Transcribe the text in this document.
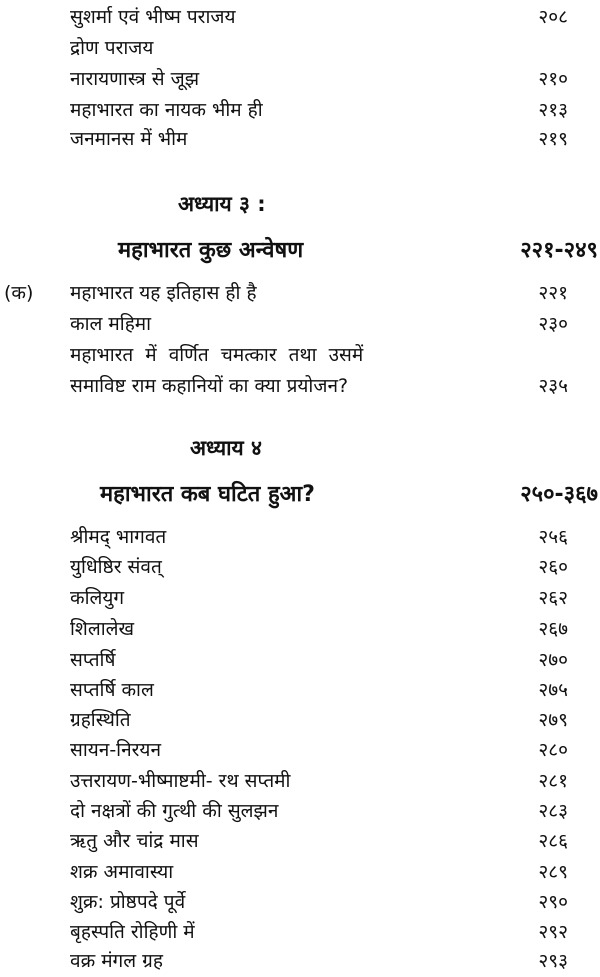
सुशर्मा एवं भीष्म पराजय	२०८
द्रोण पराजय
नारायणास्त्र से जूझ	२१०
महाभारत का नायक भीम ही	२१३
जनमानस में भीम	२१९
अध्याय ३ :
महाभारत कुछ अन्वेषण	२२१-२४९
(क) महाभारत यह इतिहास ही है	२२१
काल महिमा	२३०
महाभारत में वर्णित चमत्कार तथा उसमें
समाविष्ट राम कहानियों का क्या प्रयोजन?	२३५
अध्याय ४
महाभारत कब घटित हुआ?	२५०-३६७
श्रीमद् भागवत	२५६
युधिष्ठिर संवत्	२६०
कलियुग	२६२
शिलालेख	२६७
सप्तर्षि	२७०
सप्तर्षि काल	२७५
ग्रहस्थिति	२७९
सायन-निरयन	२८०
उत्तरायण-भीष्माष्टमी- रथ सप्तमी	२८१
दो नक्षत्रों की गुत्थी की सुलझन	२८३
ऋतु और चांद्र मास	२८६
शक्र अमावास्या	२८९
शुक्र: प्रोष्ठपदे पूर्वे	२९०
बृहस्पति रोहिणी में	२९२
वक्र मंगल ग्रह	२९३
